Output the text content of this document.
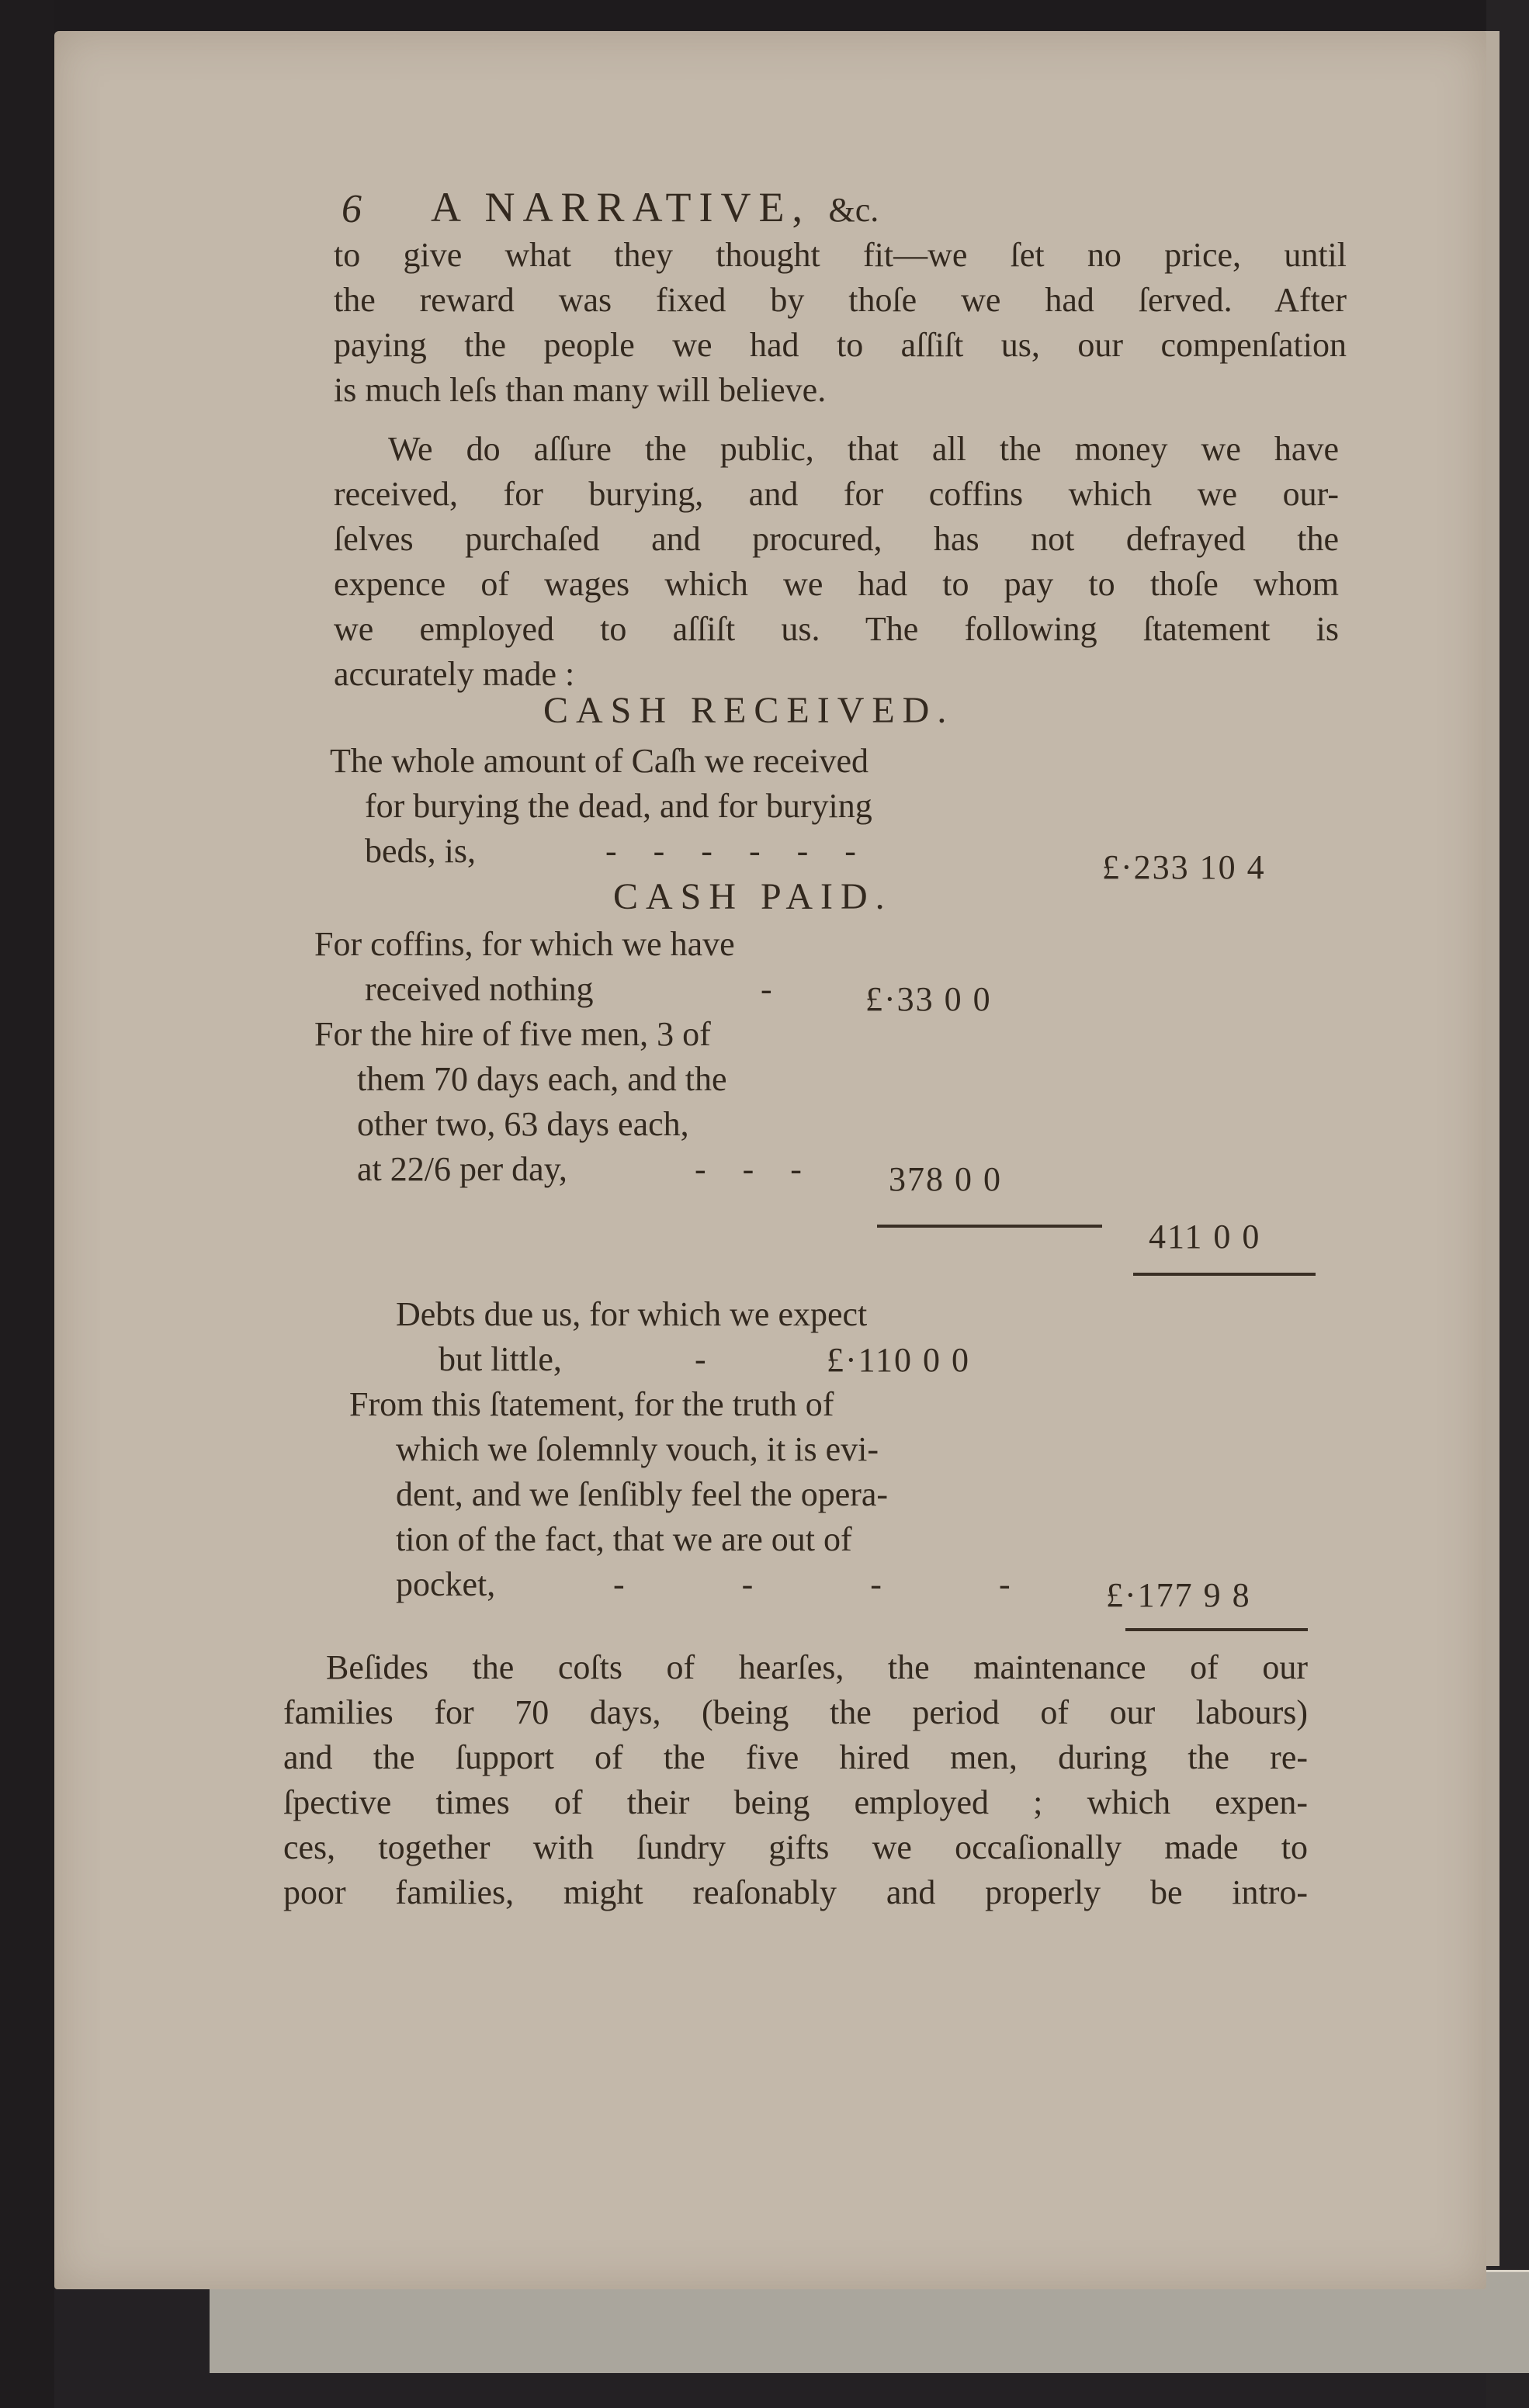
6 A NARRATIVE, &c.
to give what they thought fit—we ſet no price, until
the reward was fixed by thoſe we had ſerved. After
paying the people we had to aſſiſt us, our compenſation
is much leſs than many will believe.
We do aſſure the public, that all the money we have
received, for burying, and for coffins which we our-
ſelves purchaſed and procured, has not defrayed the
expence of wages which we had to pay to thoſe whom
we employed to aſſiſt us. The following ſtatement is
accurately made :
CASH RECEIVED.
The whole amount of Caſh we received
for burying the dead, and for burying
beds, is,	- - - - - -	£·233 10 4
CASH PAID.
For coffins, for which we have
received nothing	-	£·33 0 0
For the hire of five men, 3 of
them 70 days each, and the
other two, 63 days each,
at 22/6 per day,	- - - 378 0 0
411 0 0
Debts due us, for which we expect
but little,	-	£·110 0 0
From this ſtatement, for the truth of
which we ſolemnly vouch, it is evi-
dent, and we ſenſibly feel the opera-
tion of the fact, that we are out of
pocket,	- - - - £·177 9 8
Beſides the coſts of hearſes, the maintenance of our
families for 70 days, (being the period of our labours)
and the ſupport of the five hired men, during the re-
ſpective times of their being employed ; which expen-
ces, together with ſundry gifts we occaſionally made to
poor families, might reaſonably and properly be intro-
